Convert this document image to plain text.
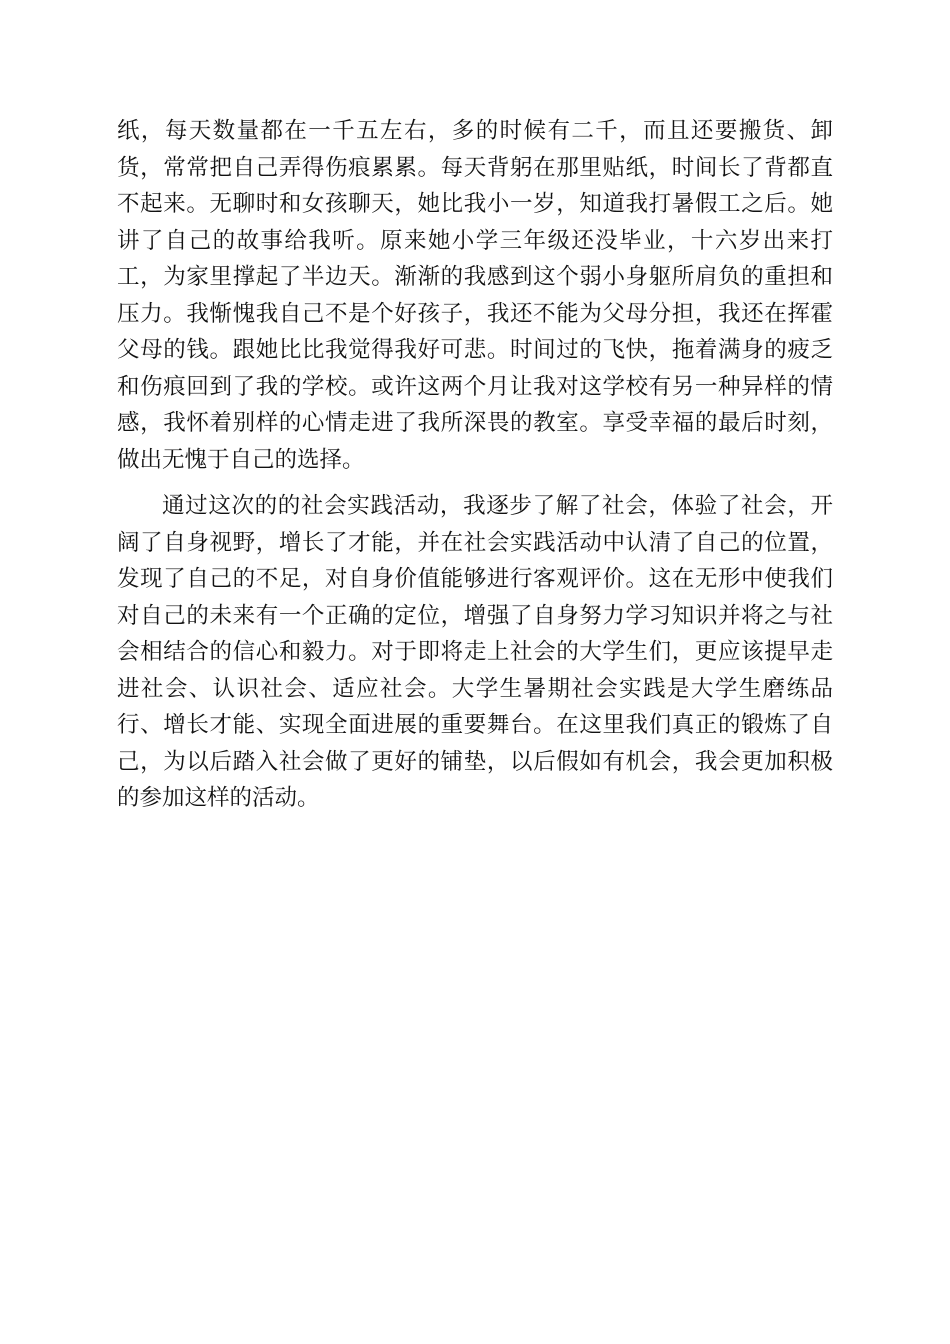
纸，每天数量都在一千五左右，多的时候有二千，而且还要搬货、卸货，常常把自己弄得伤痕累累。每天背躬在那里贴纸，时间长了背都直不起来。无聊时和女孩聊天，她比我小一岁，知道我打暑假工之后。她讲了自己的故事给我听。原来她小学三年级还没毕业，十六岁出来打工，为家里撑起了半边天。渐渐的我感到这个弱小身躯所肩负的重担和压力。我惭愧我自己不是个好孩子，我还不能为父母分担，我还在挥霍父母的钱。跟她比比我觉得我好可悲。时间过的飞快，拖着满身的疲乏和伤痕回到了我的学校。或许这两个月让我对这学校有另一种异样的情感，我怀着别样的心情走进了我所深畏的教室。享受幸福的最后时刻，做出无愧于自己的选择。

通过这次的的社会实践活动，我逐步了解了社会，体验了社会，开阔了自身视野，增长了才能，并在社会实践活动中认清了自己的位置，发现了自己的不足，对自身价值能够进行客观评价。这在无形中使我们对自己的未来有一个正确的定位，增强了自身努力学习知识并将之与社会相结合的信心和毅力。对于即将走上社会的大学生们，更应该提早走进社会、认识社会、适应社会。大学生暑期社会实践是大学生磨练品行、增长才能、实现全面进展的重要舞台。在这里我们真正的锻炼了自己，为以后踏入社会做了更好的铺垫，以后假如有机会，我会更加积极的参加这样的活动。
